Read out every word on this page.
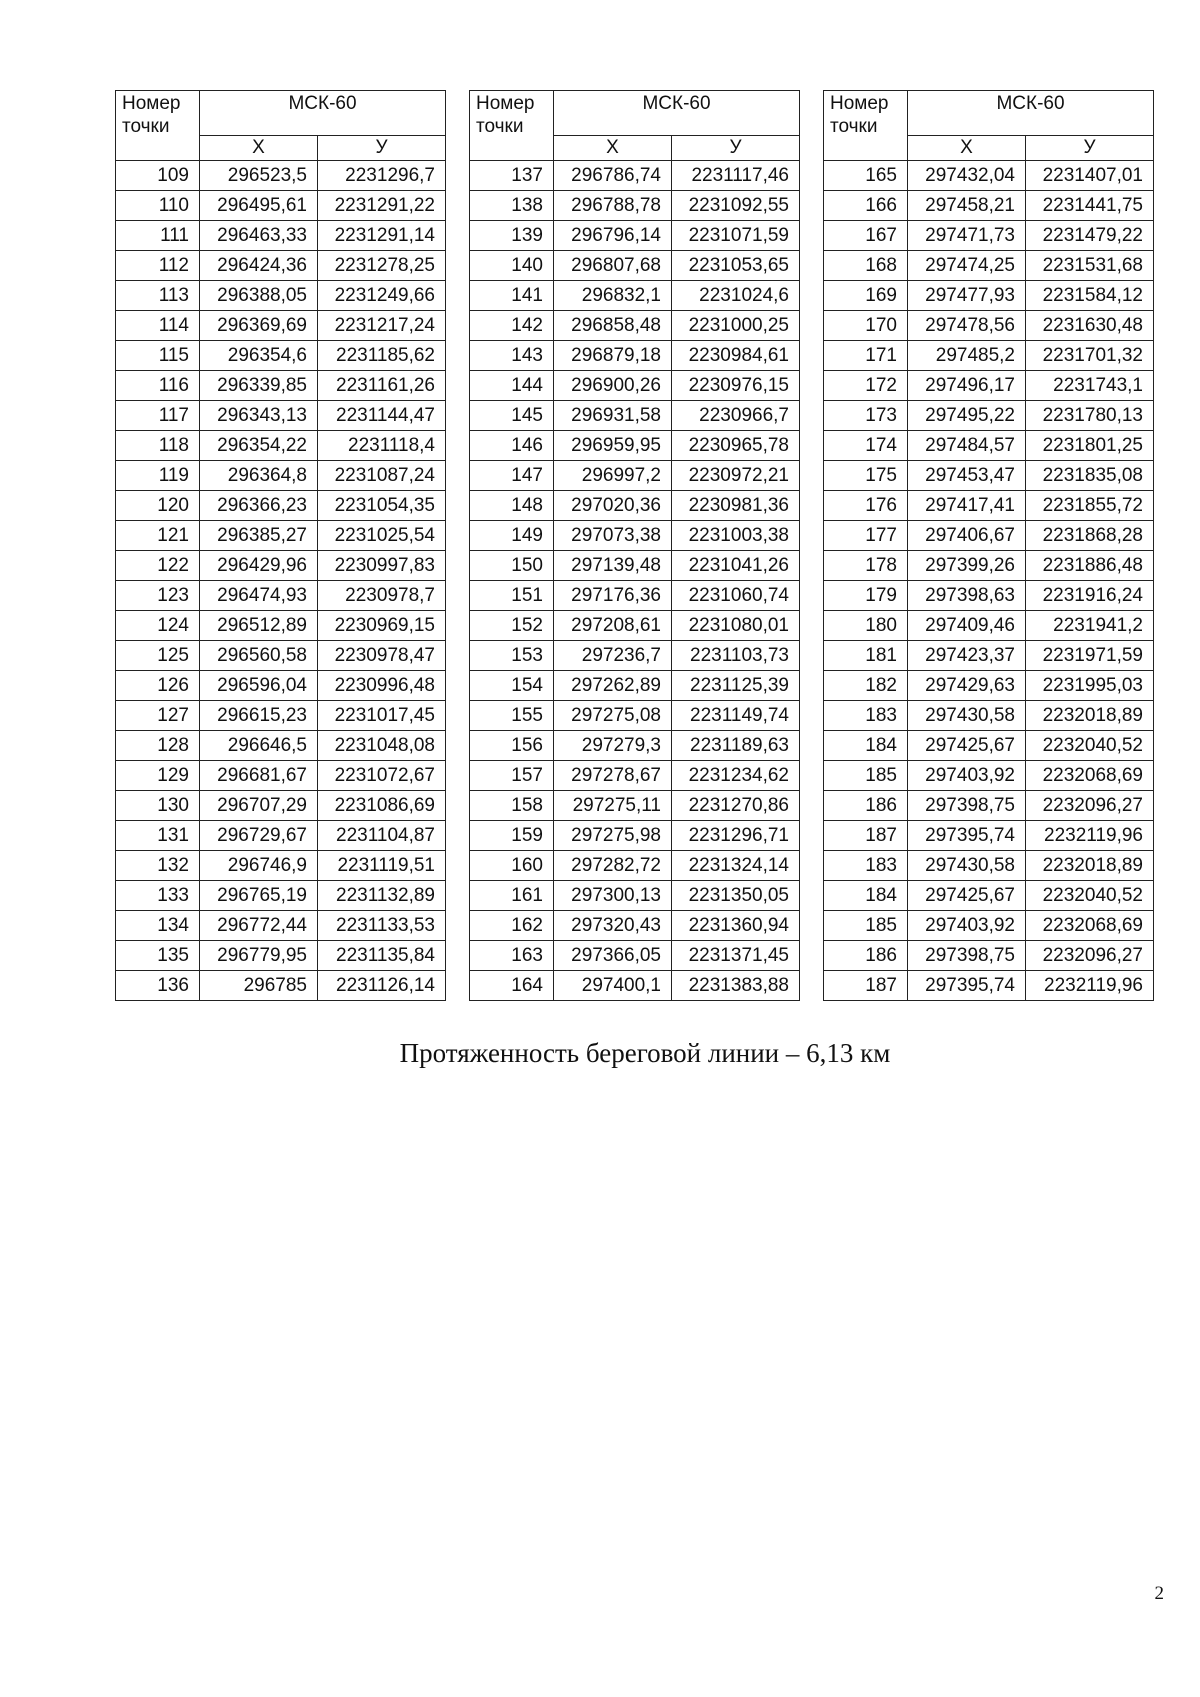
Номер точки	МСК-60	
	Х	У
109	296523,5	2231296,7
110	296495,61	2231291,22
111	296463,33	2231291,14
112	296424,36	2231278,25
113	296388,05	2231249,66
114	296369,69	2231217,24
115	296354,6	2231185,62
116	296339,85	2231161,26
117	296343,13	2231144,47
118	296354,22	2231118,4
119	296364,8	2231087,24
120	296366,23	2231054,35
121	296385,27	2231025,54
122	296429,96	2230997,83
123	296474,93	2230978,7
124	296512,89	2230969,15
125	296560,58	2230978,47
126	296596,04	2230996,48
127	296615,23	2231017,45
128	296646,5	2231048,08
129	296681,67	2231072,67
130	296707,29	2231086,69
131	296729,67	2231104,87
132	296746,9	2231119,51
133	296765,19	2231132,89
134	296772,44	2231133,53
135	296779,95	2231135,84
136	296785	2231126,14
Номер точки	МСК-60	
	Х	У
137	296786,74	2231117,46
138	296788,78	2231092,55
139	296796,14	2231071,59
140	296807,68	2231053,65
141	296832,1	2231024,6
142	296858,48	2231000,25
143	296879,18	2230984,61
144	296900,26	2230976,15
145	296931,58	2230966,7
146	296959,95	2230965,78
147	296997,2	2230972,21
148	297020,36	2230981,36
149	297073,38	2231003,38
150	297139,48	2231041,26
151	297176,36	2231060,74
152	297208,61	2231080,01
153	297236,7	2231103,73
154	297262,89	2231125,39
155	297275,08	2231149,74
156	297279,3	2231189,63
157	297278,67	2231234,62
158	297275,11	2231270,86
159	297275,98	2231296,71
160	297282,72	2231324,14
161	297300,13	2231350,05
162	297320,43	2231360,94
163	297366,05	2231371,45
164	297400,1	2231383,88
Номер точки	МСК-60	
	Х	У
165	297432,04	2231407,01
166	297458,21	2231441,75
167	297471,73	2231479,22
168	297474,25	2231531,68
169	297477,93	2231584,12
170	297478,56	2231630,48
171	297485,2	2231701,32
172	297496,17	2231743,1
173	297495,22	2231780,13
174	297484,57	2231801,25
175	297453,47	2231835,08
176	297417,41	2231855,72
177	297406,67	2231868,28
178	297399,26	2231886,48
179	297398,63	2231916,24
180	297409,46	2231941,2
181	297423,37	2231971,59
182	297429,63	2231995,03
183	297430,58	2232018,89
184	297425,67	2232040,52
185	297403,92	2232068,69
186	297398,75	2232096,27
187	297395,74	2232119,96
183	297430,58	2232018,89
184	297425,67	2232040,52
185	297403,92	2232068,69
186	297398,75	2232096,27
187	297395,74	2232119,96
Протяженность береговой линии – 6,13 км
2
